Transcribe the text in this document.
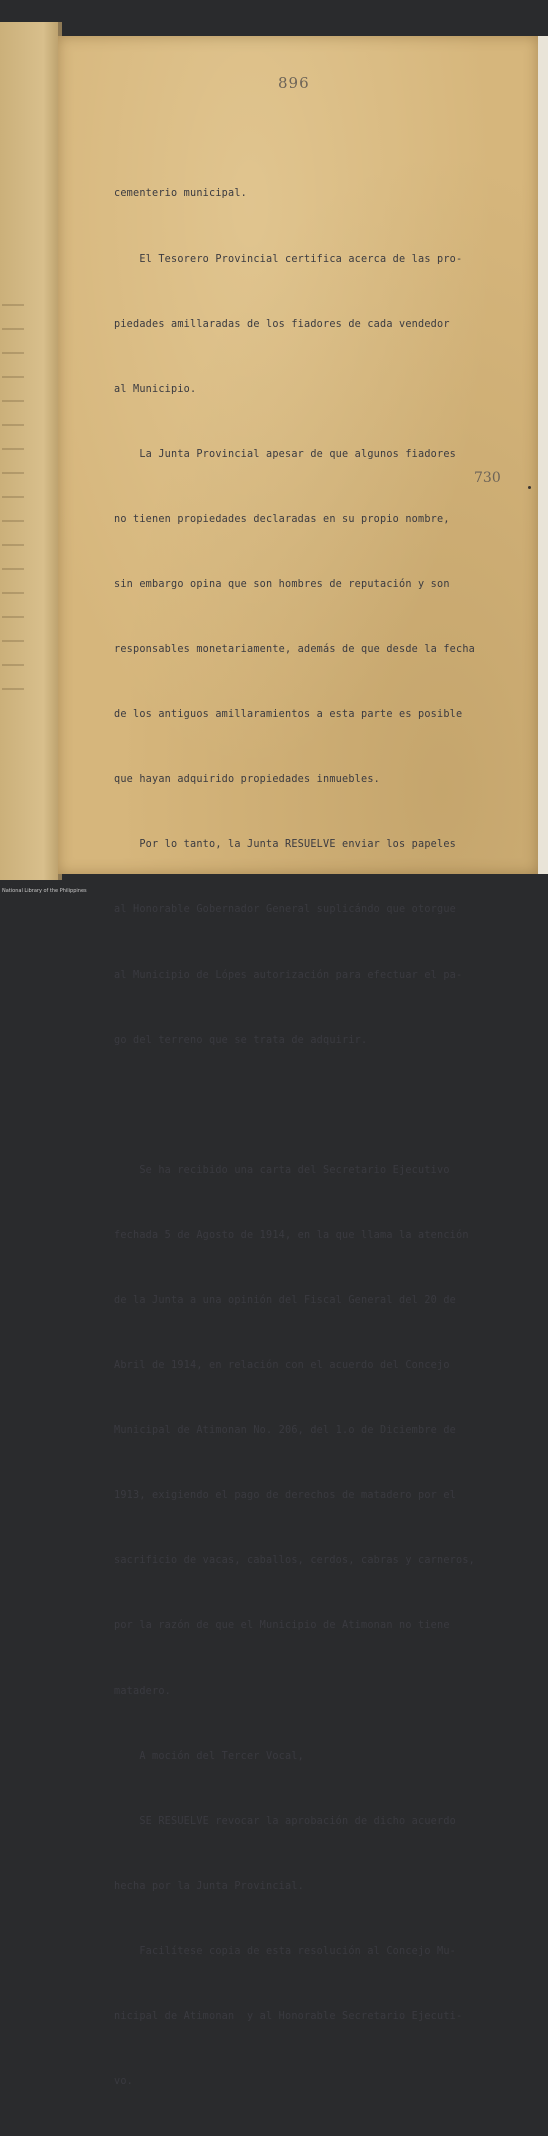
896

cementerio municipal.

El Tesorero Provincial certifica acerca de las pro-

piedades amillaradas de los fiadores de cada vendedor

al Municipio.

La Junta Provincial apesar de que algunos fiadores

no tienen propiedades declaradas en su propio nombre,

sin embargo opina que son hombres de reputación y son

responsables monetariamente, además de que desde la fecha

de los antiguos amillaramientos a esta parte es posible

que hayan adquirido propiedades inmuebles.

Por lo tanto, la Junta RESUELVE enviar los papeles

al Honorable Gobernador General suplicándo que otorgue

al Municipio de Lópes autorización para efectuar el pa-

go del terreno que se trata de adquirir.

Se ha recibido una carta del Secretario Ejecutivo

fechada 5 de Agosto de 1914, en la que llama la atención

de la Junta a una opinión del Fiscal General del 20 de

Abril de 1914, en relación con el acuerdo del Concejo

Municipal de Atimonan No. 206, del 1.o de Diciembre de

1913, exigiendo el pago de derechos de matadero por el

sacrificio de vacas, caballos, cerdos, cabras y carneros,

por la razón de que el Municipio de Atimonan no tiene

matadero.

A moción del Tercer Vocal,

SE RESUELVE revocar la aprobación de dicho acuerdo

hecha por la Junta Provincial.

Facilítese copia de esta resolución al Concejo Mu-

nicipal de Atimonan  y al Honorable Secretario Ejecuti-

vo.

730
National Library of the Philippines
